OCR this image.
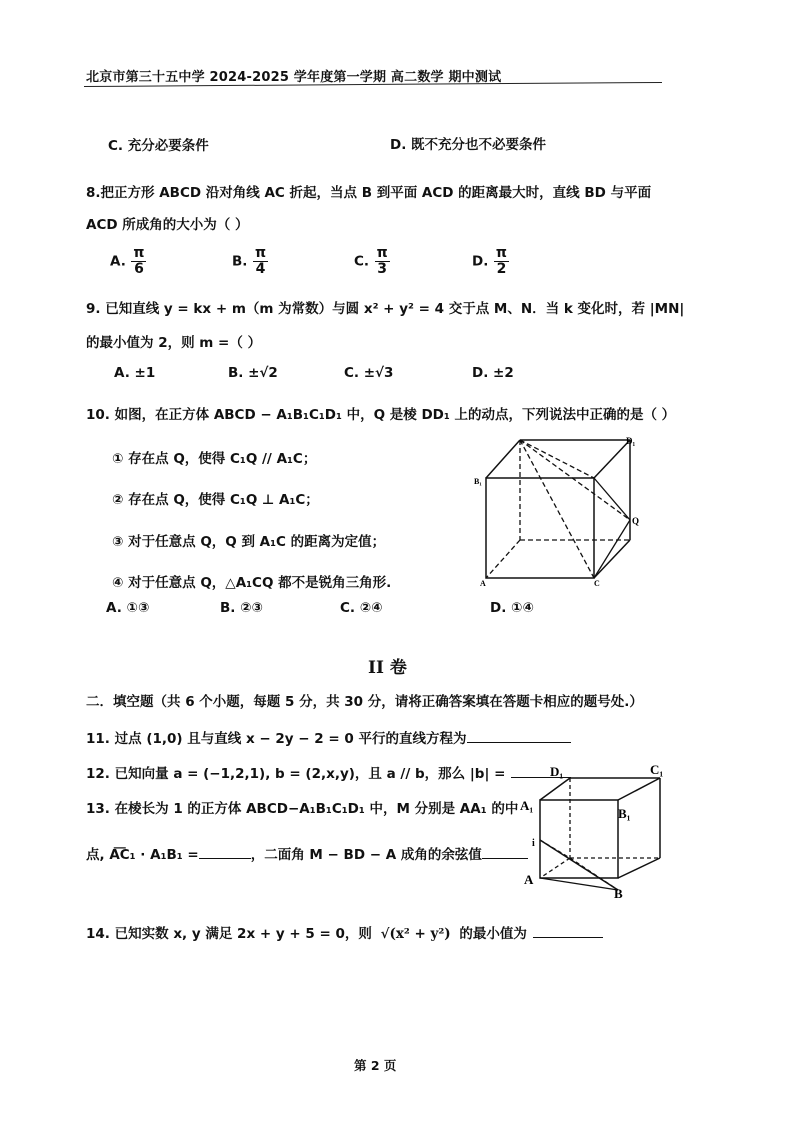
北京市第三十五中学 2024-2025 学年度第一学期 高二数学 期中测试
C. 充分必要条件	D. 既不充分也不必要条件
8.把正方形 ABCD 沿对角线 AC 折起，当点 B 到平面 ACD 的距离最大时，直线 BD 与平面
ACD 所成角的大小为（ ）
A. $\frac{\pi}{6}$	B. $\frac{\pi}{4}$	C. $\frac{\pi}{3}$	D. $\frac{\pi}{2}$
9. 已知直线 y = kx + m（m 为常数）与圆 x² + y² = 4 交于点 M、N．当 k 变化时，若 |MN|
的最小值为 2，则 m =（ ）
A. ±1	B. ±√2	C. ±√3	D. ±2
10. 如图，在正方体 ABCD − A₁B₁C₁D₁ 中，Q 是棱 DD₁ 上的动点，下列说法中正确的是（ ）
① 存在点 Q，使得 C₁Q // A₁C；
② 存在点 Q，使得 C₁Q ⊥ A₁C；
③ 对于任意点 Q，Q 到 A₁C 的距离为定值；
④ 对于任意点 Q，△A₁CQ 都不是锐角三角形.
A. ①③	B. ②③	C. ②④	D. ①④
D₁
B₁
Q
C
A
II 卷
二．填空题（共 6 个小题，每题 5 分，共 30 分，请将正确答案填在答题卡相应的题号处.）
11. 过点 (1,0) 且与直线 x − 2y − 2 = 0 平行的直线方程为
12. 已知向量 a = (−1,2,1), b = (2,x,y)，且 a // b，那么 |b| =
13. 在棱长为 1 的正方体 ABCD−A₁B₁C₁D₁ 中，M 分别是 AA₁ 的中
点, A͞C₁ · A₁B₁ =	，二面角 M − BD − A 成角的余弦值
D₁	C₁
A₁
B₁
A
B
i
14. 已知实数 x, y 满足 2x + y + 5 = 0，则 √(x² + y²) 的最小值为
第 2 页
